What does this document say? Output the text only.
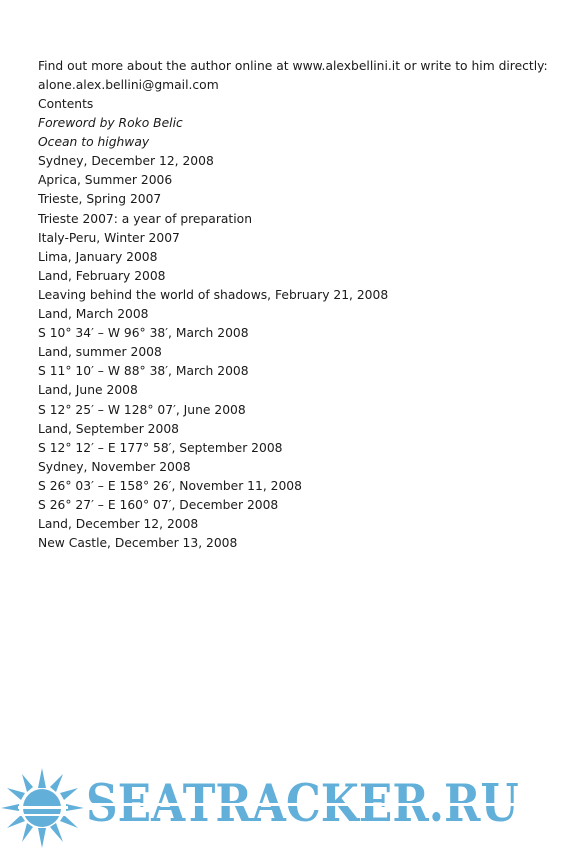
Find out more about the author online at www.alexbellini.it or write to him directly: alone.alex.bellini@gmail.com
Contents
Foreword by Roko Belic
Ocean to highway
Sydney, December 12, 2008
Aprica, Summer 2006
Trieste, Spring 2007
Trieste 2007: a year of preparation
Italy-Peru, Winter 2007
Lima, January 2008
Land, February 2008
Leaving behind the world of shadows, February 21, 2008
Land, March 2008
S 10° 34′ – W 96° 38′, March 2008
Land, summer 2008
S 11° 10′ – W 88° 38′, March 2008
Land, June 2008
S 12° 25′ – W 128° 07′, June 2008
Land, September 2008
S 12° 12′ – E 177° 58′, September 2008
Sydney, November 2008
S 26° 03′ – E 158° 26′, November 11, 2008
S 26° 27′ – E 160° 07′, December 2008
Land, December 12, 2008
New Castle, December 13, 2008
SEATRACKER.RU
